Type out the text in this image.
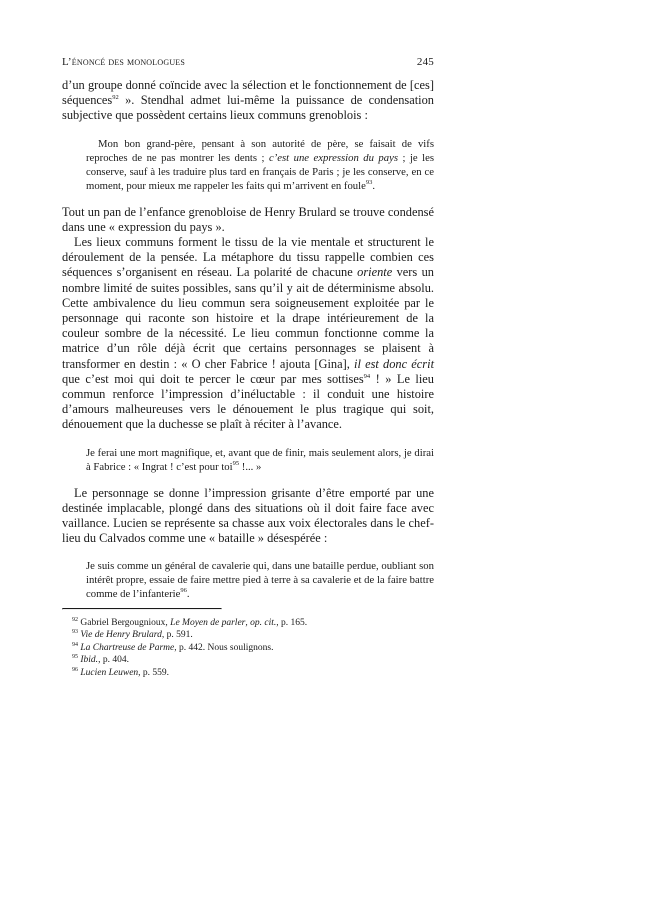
L’énoncé des monologues	245

d’un groupe donné coïncide avec la sélection et le fonctionnement de [ces] séquences$^{92}$ ». Stendhal admet lui-même la puissance de condensation subjective que possèdent certains lieux communs grenoblois :

Mon bon grand-père, pensant à son autorité de père, se faisait de vifs reproches de ne pas montrer les dents ; c’est une expression du pays ; je les conserve, sauf à les traduire plus tard en français de Paris ; je les conserve, en ce moment, pour mieux me rappeler les faits qui m’arrivent en foule$^{93}$.

Tout un pan de l’enfance grenobloise de Henry Brulard se trouve condensé dans une « expression du pays ».

Les lieux communs forment le tissu de la vie mentale et structurent le déroulement de la pensée. La métaphore du tissu rappelle combien ces séquences s’organisent en réseau. La polarité de chacune oriente vers un nombre limité de suites possibles, sans qu’il y ait de déterminisme absolu. Cette ambivalence du lieu commun sera soigneusement exploitée par le personnage qui raconte son histoire et la drape intérieurement de la couleur sombre de la nécessité. Le lieu commun fonctionne comme la matrice d’un rôle déjà écrit que certains personnages se plaisent à transformer en destin : « O cher Fabrice ! ajouta [Gina], il est donc écrit que c’est moi qui doit te percer le cœur par mes sottises$^{94}$ ! » Le lieu commun renforce l’impression d’inéluctable : il conduit une histoire d’amours malheureuses vers le dénouement le plus tragique qui soit, dénouement que la duchesse se plaît à réciter à l’avance.

Je ferai une mort magnifique, et, avant que de finir, mais seulement alors, je dirai à Fabrice : « Ingrat ! c’est pour toi$^{95}$ !... »

Le personnage se donne l’impression grisante d’être emporté par une destinée implacable, plongé dans des situations où il doit faire face avec vaillance. Lucien se représente sa chasse aux voix électorales dans le chef-lieu du Calvados comme une « bataille » désespérée :

Je suis comme un général de cavalerie qui, dans une bataille perdue, oubliant son intérêt propre, essaie de faire mettre pied à terre à sa cavalerie et de la faire battre comme de l’infanterie$^{96}$.

$^{92}$ Gabriel Bergougnioux, Le Moyen de parler, op. cit., p. 165.
$^{93}$ Vie de Henry Brulard, p. 591.
$^{94}$ La Chartreuse de Parme, p. 442. Nous soulignons.
$^{95}$ Ibid., p. 404.
$^{96}$ Lucien Leuwen, p. 559.
